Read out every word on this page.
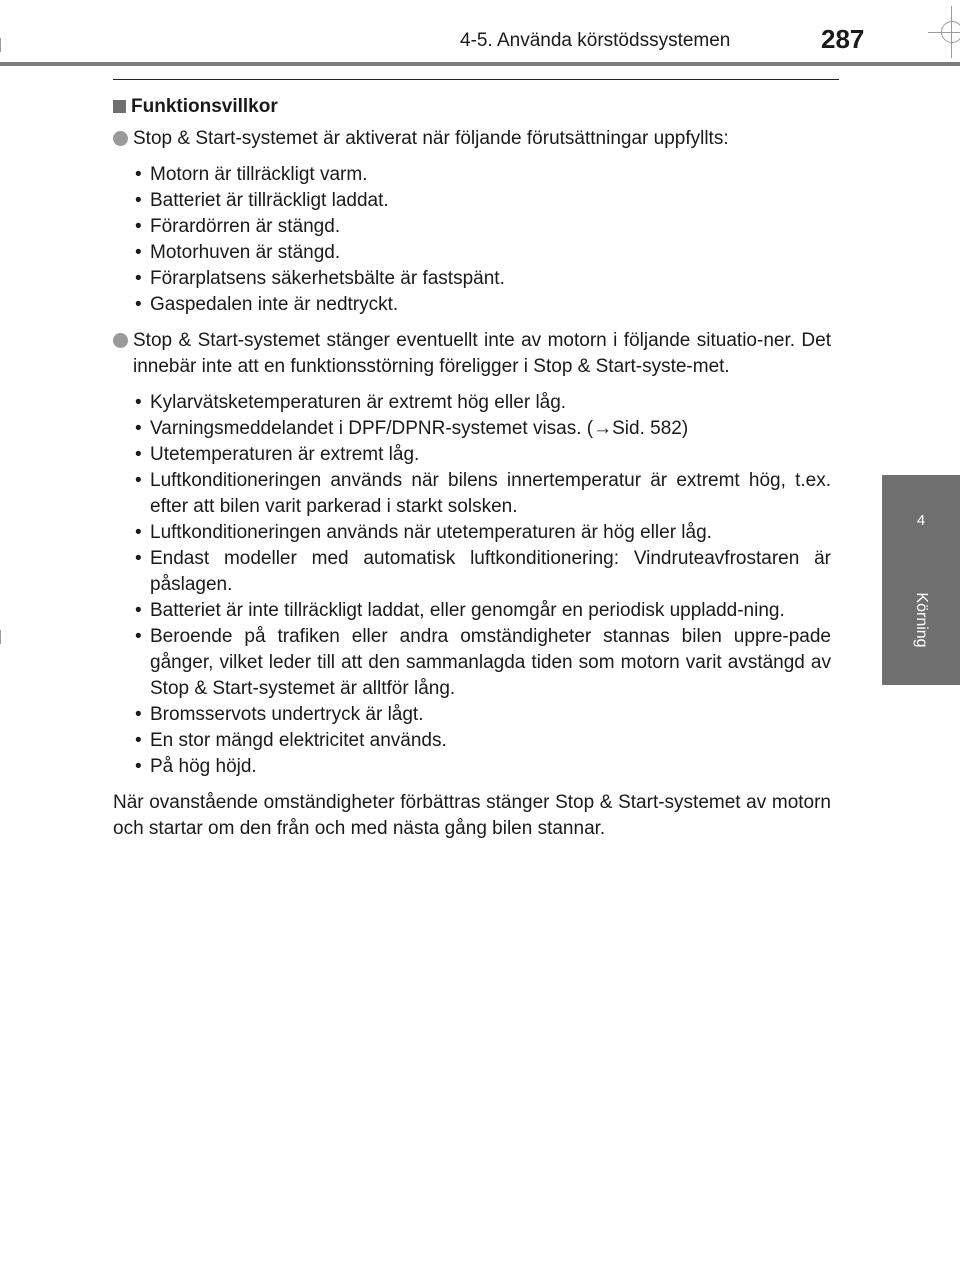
4-5. Använda körstödssystemen	287
4
Körning
Funktionsvillkor
Stop & Start-systemet är aktiverat när följande förutsättningar uppfyllts:
• Motorn är tillräckligt varm.
• Batteriet är tillräckligt laddat.
• Förardörren är stängd.
• Motorhuven är stängd.
• Förarplatsens säkerhetsbälte är fastspänt.
• Gaspedalen inte är nedtryckt.
Stop & Start-systemet stänger eventuellt inte av motorn i följande situatio-ner. Det innebär inte att en funktionsstörning föreligger i Stop & Start-syste-met.
• Kylarvätsketemperaturen är extremt hög eller låg.
• Varningsmeddelandet i DPF/DPNR-systemet visas. (→Sid. 582)
• Utetemperaturen är extremt låg.
• Luftkonditioneringen används när bilens innertemperatur är extremt hög, t.ex. efter att bilen varit parkerad i starkt solsken.
• Luftkonditioneringen används när utetemperaturen är hög eller låg.
• Endast modeller med automatisk luftkonditionering: Vindruteavfrostaren är påslagen.
• Batteriet är inte tillräckligt laddat, eller genomgår en periodisk uppladd-ning.
• Beroende på trafiken eller andra omständigheter stannas bilen uppre-pade gånger, vilket leder till att den sammanlagda tiden som motorn varit avstängd av Stop & Start-systemet är alltför lång.
• Bromsservots undertryck är lågt.
• En stor mängd elektricitet används.
• På hög höjd.
När ovanstående omständigheter förbättras stänger Stop & Start-systemet av motorn och startar om den från och med nästa gång bilen stannar.
